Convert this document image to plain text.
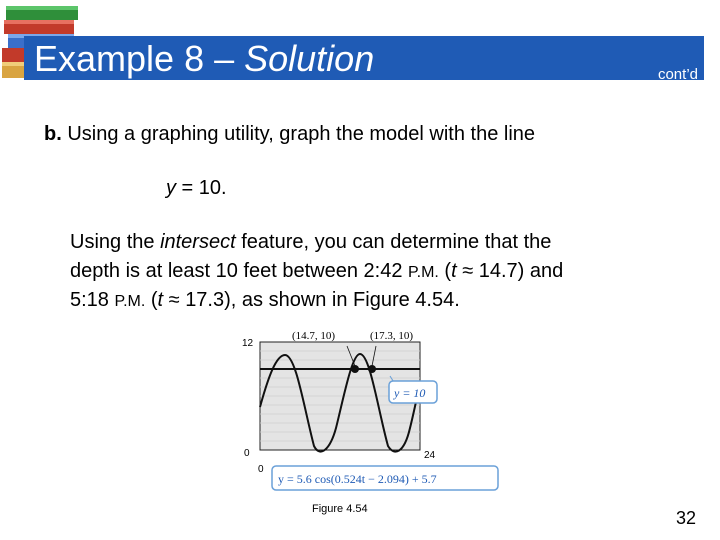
Example 8 – Solution	cont’d
b. Using a graphing utility, graph the model with the line
y = 10.
Using the intersect feature, you can determine that the
depth is at least 10 feet between 2:42 P.M. (t ≈ 14.7) and
5:18 P.M. (t ≈ 17.3), as shown in Figure 4.54.
(14.7, 10)	(17.3, 10)
12
0
0
24
y = 10
y = 5.6 cos(0.524t − 2.094) + 5.7
Figure 4.54	32
